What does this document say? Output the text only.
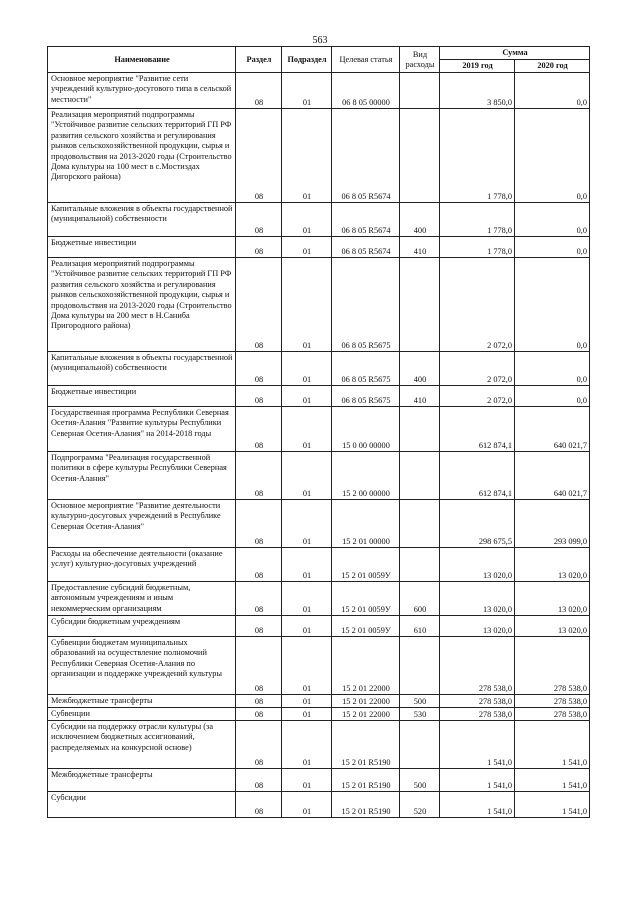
563
Наименование	Раздел	Подраздел	Целевая статья	Вид расходы	Сумма	
					2019 год	2020 год
Основное мероприятие "Развитие сети учреждений культурно-досугового типа в сельской местности"	08	01	06 8 05 00000		3 850,0	0,0
Реализация мероприятий подпрограммы "Устойчивое развитие сельских территорий ГП РФ развития сельского хозяйства и регулирования рынков сельскохозяйственной продукции, сырья и продовольствия на 2013-2020 годы (Строительство Дома культуры на 100 мест в с.Мостиздах Дигорского района)	08	01	06 8 05 R5674		1 778,0	0,0
Капитальные вложения в объекты государственной (муниципальной) собственности	08	01	06 8 05 R5674	400	1 778,0	0,0
Бюджетные инвестиции	08	01	06 8 05 R5674	410	1 778,0	0,0
Реализация мероприятий подпрограммы "Устойчивое развитие сельских территорий ГП РФ развития сельского хозяйства и регулирования рынков сельскохозяйственной продукции, сырья и продовольствия на 2013-2020 годы (Строительство Дома культуры на 200 мест в Н.Саниба Пригородного района)	08	01	06 8 05 R5675		2 072,0	0,0
Капитальные вложения в объекты государственной (муниципальной) собственности	08	01	06 8 05 R5675	400	2 072,0	0,0
Бюджетные инвестиции	08	01	06 8 05 R5675	410	2 072,0	0,0
Государственная программа Республики Северная Осетия-Алания "Развитие культуры Республики Северная Осетия-Алания" на 2014-2018 годы	08	01	15 0 00 00000		612 874,1	640 021,7
Подпрограмма "Реализация государственной политики в сфере культуры Республики Северная Осетия-Алания"	08	01	15 2 00 00000		612 874,1	640 021,7
Основное мероприятие "Развитие деятельности культурно-досуговых учреждений в Республике Северная Осетия-Алания"	08	01	15 2 01 00000		298 675,5	293 099,0
Расходы на обеспечение деятельности (оказание услуг) культурно-досуговых учреждений	08	01	15 2 01 0059У		13 020,0	13 020,0
Предоставление субсидий бюджетным, автономным учреждениям и иным некоммерческим организациям	08	01	15 2 01 0059У	600	13 020,0	13 020,0
Субсидии бюджетным учреждениям	08	01	15 2 01 0059У	610	13 020,0	13 020,0
Субвенции бюджетам муниципальных образований на осуществление полномочий Республики Северная Осетия-Алания по организации и поддержке учреждений культуры	08	01	15 2 01 22000		278 538,0	278 538,0
Межбюджетные трансферты	08	01	15 2 01 22000	500	278 538,0	278 538,0
Субвенции	08	01	15 2 01 22000	530	278 538,0	278 538,0
Субсидии на поддержку отрасли культуры (за исключением бюджетных ассигнований, распределяемых на конкурсной основе)	08	01	15 2 01 R5190		1 541,0	1 541,0
Межбюджетные трансферты	08	01	15 2 01 R5190	500	1 541,0	1 541,0
Субсидии	08	01	15 2 01 R5190	520	1 541,0	1 541,0
